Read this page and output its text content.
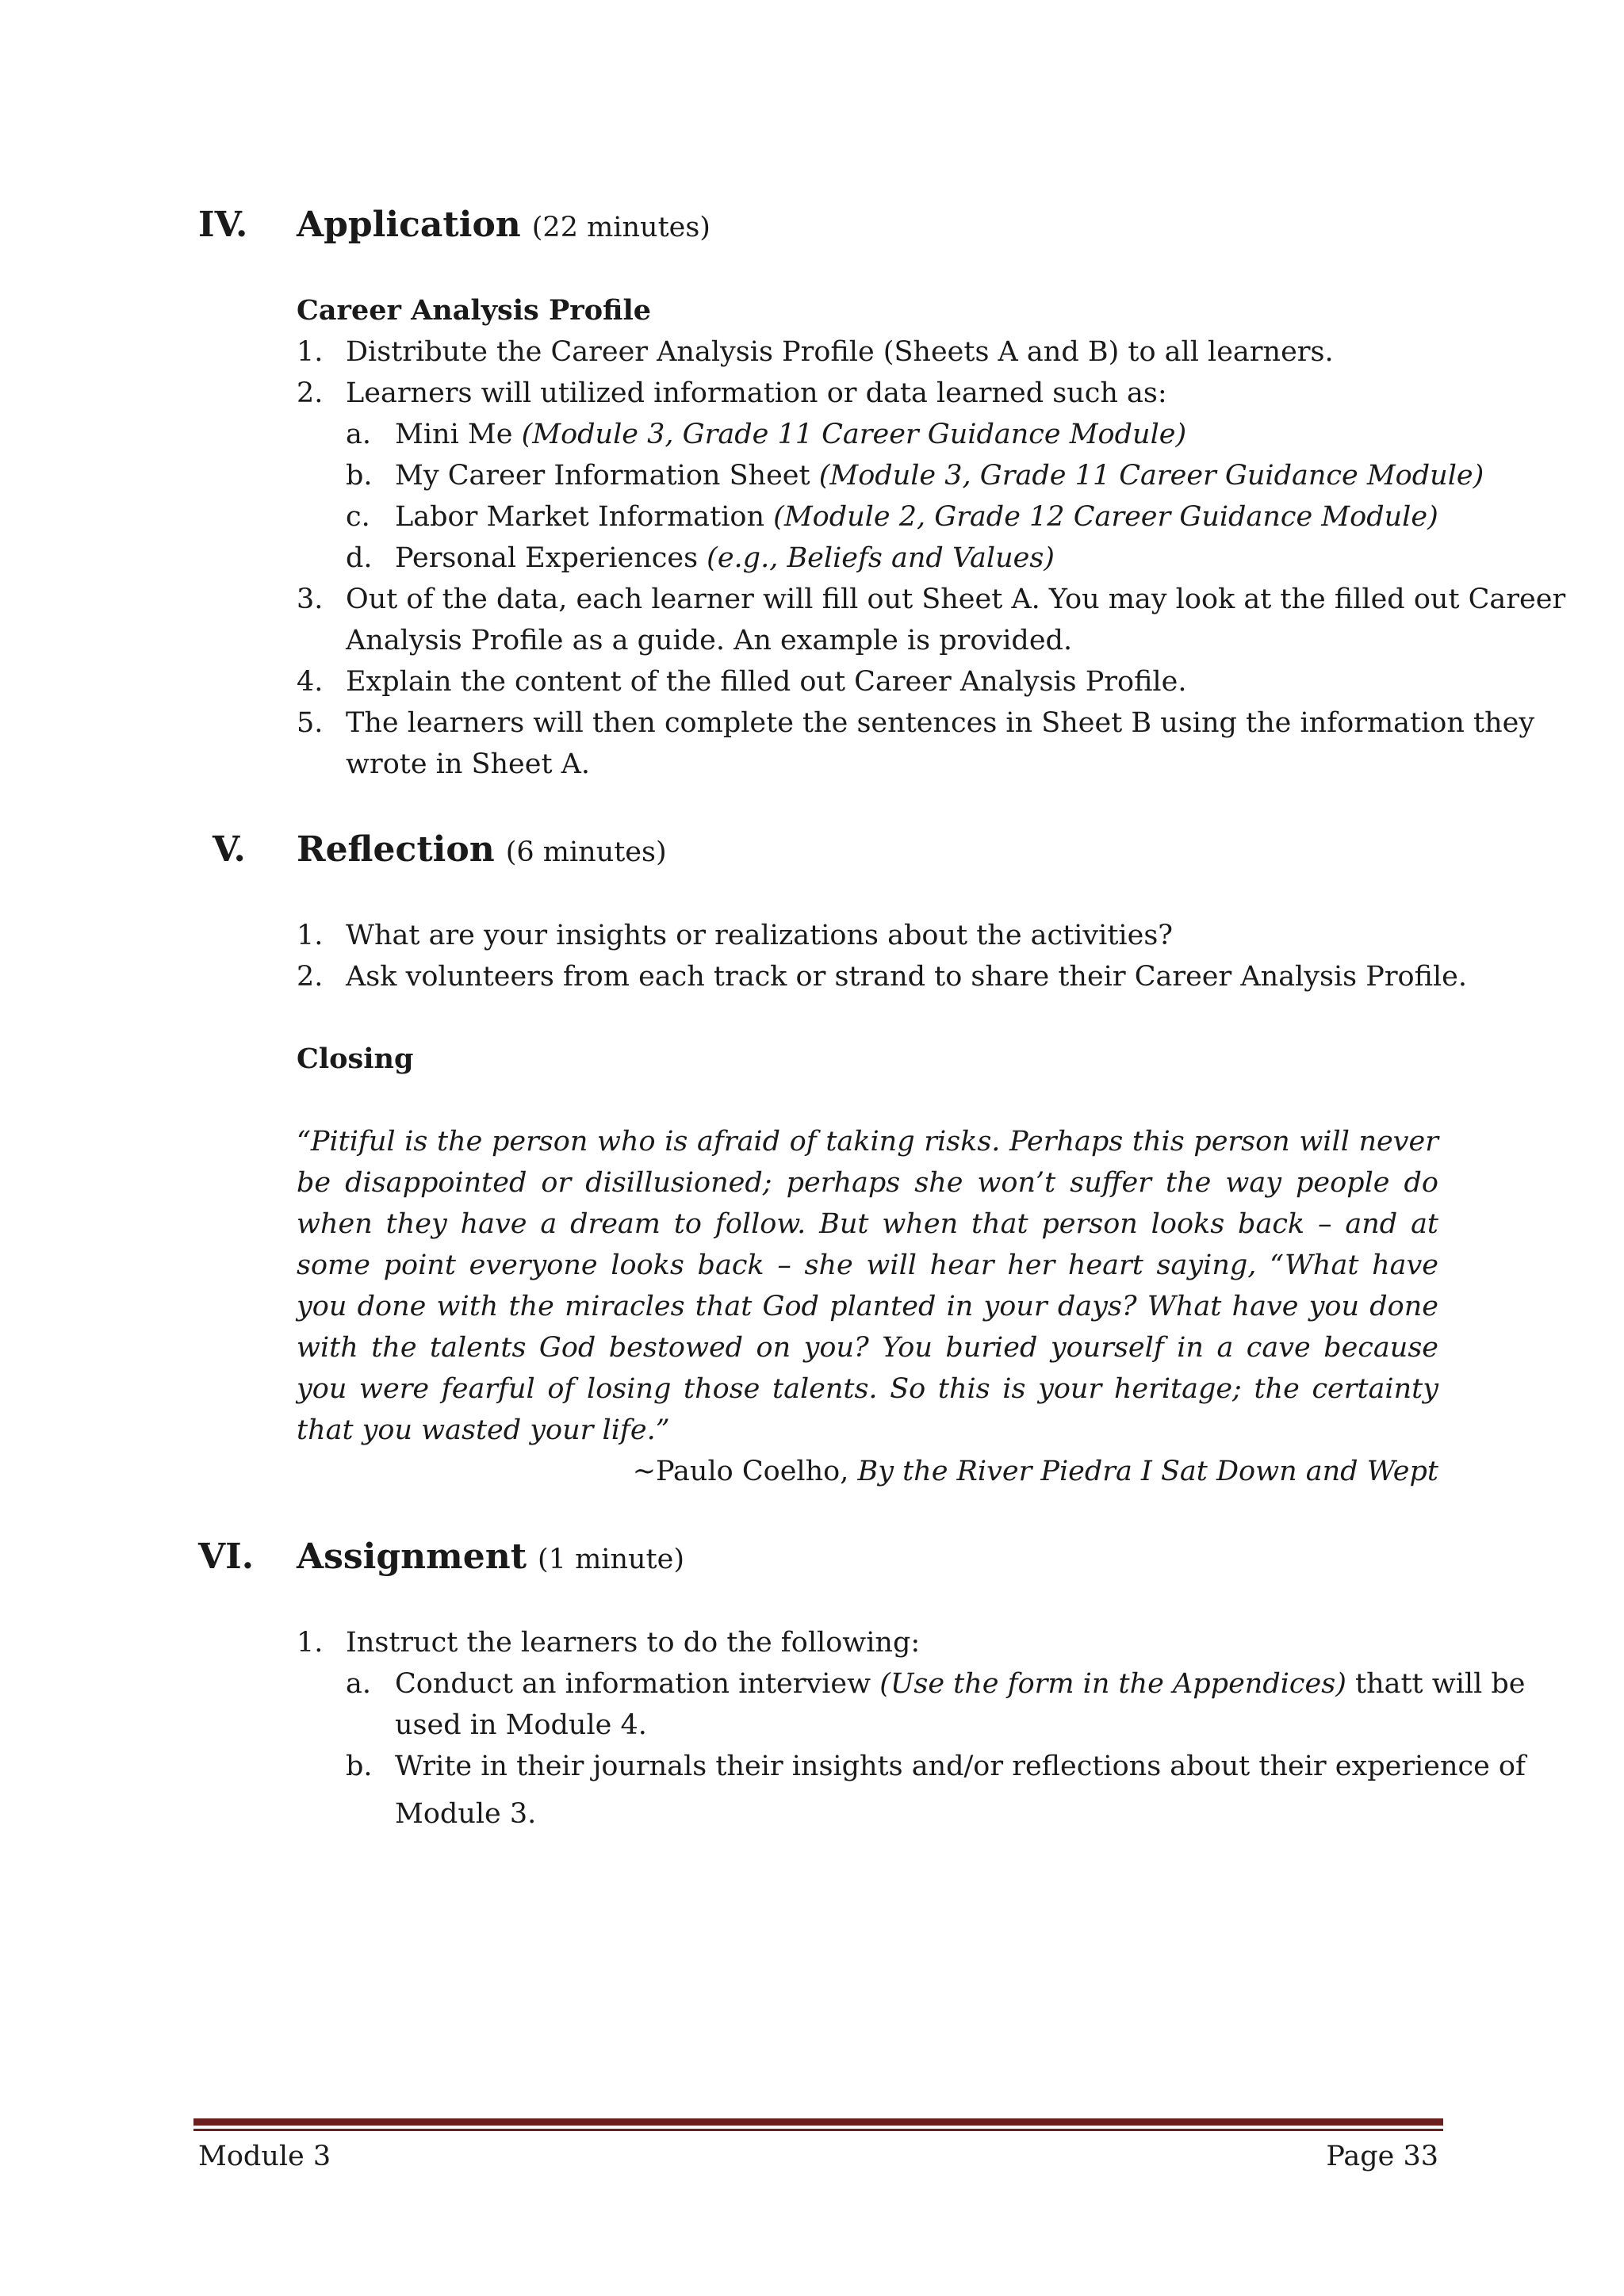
IV. Application (22 minutes)
Career Analysis Profile
1. Distribute the Career Analysis Profile (Sheets A and B) to all learners.
2. Learners will utilized information or data learned such as:
a. Mini Me (Module 3, Grade 11 Career Guidance Module)
b. My Career Information Sheet (Module 3, Grade 11 Career Guidance Module)
c. Labor Market Information (Module 2, Grade 12 Career Guidance Module)
d. Personal Experiences (e.g., Beliefs and Values)
3. Out of the data, each learner will fill out Sheet A. You may look at the filled out Career
Analysis Profile as a guide. An example is provided.
4. Explain the content of the filled out Career Analysis Profile.
5. The learners will then complete the sentences in Sheet B using the information they
wrote in Sheet A.
V. Reflection (6 minutes)
1. What are your insights or realizations about the activities?
2. Ask volunteers from each track or strand to share their Career Analysis Profile.
Closing
“Pitiful is the person who is afraid of taking risks. Perhaps this person will never be disappointed or disillusioned; perhaps she won’t suffer the way people do when they have a dream to follow. But when that person looks back – and at some point everyone looks back – she will hear her heart saying, “What have you done with the miracles that God planted in your days? What have you done with the talents God bestowed on you? You buried yourself in a cave because you were fearful of losing those talents. So this is your heritage; the certainty that you wasted your life.”
~Paulo Coelho, By the River Piedra I Sat Down and Wept
VI. Assignment (1 minute)
1. Instruct the learners to do the following:
a. Conduct an information interview (Use the form in the Appendices) thatt will be
used in Module 4.
b. Write in their journals their insights and/or reflections about their experience of
Module 3.
Module 3	Page 33
